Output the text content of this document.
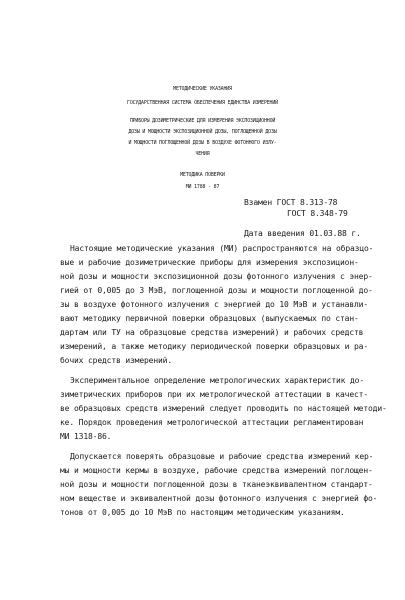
МЕТОДИЧЕСКИЕ УКАЗАНИЯ
ГОСУДАРСТВЕННАЯ СИСТЕМА ОБЕСПЕЧЕНИЯ ЕДИНСТВА ИЗМЕРЕНИЙ
ПРИБОРЫ ДОЗИМЕТРИЧЕСКИЕ ДЛЯ ИЗМЕРЕНИЯ ЭКСПОЗИЦИОННОЙ
ДОЗЫ И МОЩНОСТИ ЭКСПОЗИЦИОННОЙ ДОЗЫ, ПОГЛОЩЕННОЙ ДОЗЫ
И МОЩНОСТИ ПОГЛОЩЕННОЙ ДОЗЫ В ВОЗДУХЕ ФОТОННОГО ИЗЛУ-
ЧЕНИЯ
МЕТОДИКА ПОВЕРКИ
МИ 1788 - 87
Взамен ГОСТ 8.313-78
ГОСТ 8.348-79
Дата введения 01.03.88 г.
Настоящие методические указания (МИ) распространяются на образцо-
вые и рабочие дозиметрические приборы для измерения экспозицион-
ной дозы и мощности экспозиционной дозы фотонного излучения с энер-
гией от 0,005 до 3 МэВ, поглощенной дозы и мощности поглощенной до-
зы в воздухе фотонного излучения с энергией до 10 МэВ и устанавли-
вают методику первичной поверки образцовых (выпускаемых по стан-
дартам или ТУ на образцовые средства измерений) и рабочих средств
измерений, а также методику периодической поверки образцовых и ра-
бочих средств измерений.
Экспериментальное определение метрологических характеристик до-
зиметрических приборов при их метрологической аттестации в качест-
ве образцовых средств измерений следует проводить по настоящей методи-
ке. Порядок проведения метрологической аттестации регламентирован
МИ 1318-86.
Допускается поверять образцовые и рабочие средства измерений кер-
мы и мощности кермы в воздухе, рабочие средства измерений поглощен-
ной дозы и мощности поглощенной дозы в тканеэквивалентном стандарт-
ном веществе и эквивалентной дозы фотонного излучения с энергией фо-
тонов от 0,005 до 10 МэВ по настоящим методическим указаниям.
